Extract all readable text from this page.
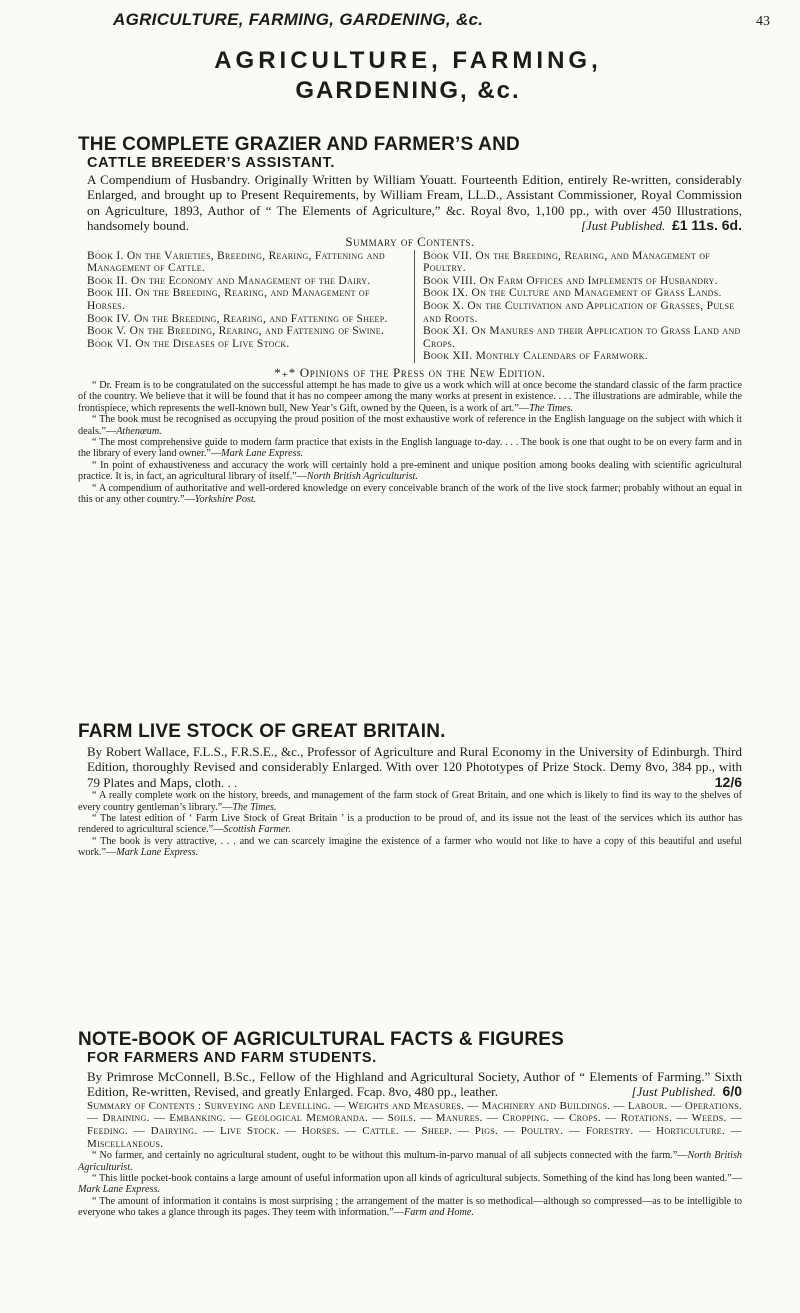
AGRICULTURE, FARMING, GARDENING, &c.	43
AGRICULTURE, FARMING,
GARDENING, &c.
THE COMPLETE GRAZIER AND FARMER’S AND
CATTLE BREEDER’S ASSISTANT.
A Compendium of Husbandry. Originally Written by William Youatt. Fourteenth Edition, entirely Re-written, considerably Enlarged, and brought up to Present Requirements, by William Fream, LL.D., Assistant Commissioner, Royal Commission on Agriculture, 1893, Author of “ The Elements of Agriculture,” &c. Royal 8vo, 1,100 pp., with over 450 Illustrations, handsomely bound.	[Just Published. £1 11s. 6d.
Summary of Contents.

Book I. On the Varieties, Breeding, Rearing, Fattening and Management of Cattle.

Book II. On the Economy and Management of the Dairy.

Book III. On the Breeding, Rearing, and Management of Horses.

Book IV. On the Breeding, Rearing, and Fattening of Sheep.

Book V. On the Breeding, Rearing, and Fattening of Swine.

Book VI. On the Diseases of Live Stock.

Book VII. On the Breeding, Rearing, and Management of Poultry.

Book VIII. On Farm Offices and Implements of Husbandry.

Book IX. On the Culture and Management of Grass Lands.

Book X. On the Cultivation and Application of Grasses, Pulse and Roots.

Book XI. On Manures and their Application to Grass Land and Crops.

Book XII. Monthly Calendars of Farmwork.

*₊* Opinions of the Press on the New Edition.

“ Dr. Fream is to be congratulated on the successful attempt he has made to give us a work which will at once become the standard classic of the farm practice of the country. We believe that it will be found that it has no compeer among the many works at present in existence. . . . The illustrations are admirable, while the frontispiece, which represents the well-known bull, New Year’s Gift, owned by the Queen, is a work of art.”—The Times.

“ The book must be recognised as occupying the proud position of the most exhaustive work of reference in the English language on the subject with which it deals.”—Athenæum.

“ The most comprehensive guide to modern farm practice that exists in the English language to-day. . . . The book is one that ought to be on every farm and in the library of every land owner.”—Mark Lane Express.

“ In point of exhaustiveness and accuracy the work will certainly hold a pre-eminent and unique position among books dealing with scientific agricultural practice. It is, in fact, an agricultural library of itself.”—North British Agriculturist.

“ A compendium of authoritative and well-ordered knowledge on every conceivable branch of the work of the live stock farmer; probably without an equal in this or any other country.”—Yorkshire Post.

FARM LIVE STOCK OF GREAT BRITAIN.
By Robert Wallace, F.L.S., F.R.S.E., &c., Professor of Agriculture and Rural Economy in the University of Edinburgh. Third Edition, thoroughly Revised and considerably Enlarged. With over 120 Phototypes of Prize Stock. Demy 8vo, 384 pp., with 79 Plates and Maps, cloth. . .	12/6

“ A really complete work on the history, breeds, and management of the farm stock of Great Britain, and one which is likely to find its way to the shelves of every country gentleman’s library.”—The Times.

“ The latest edition of ‘ Farm Live Stock of Great Britain ’ is a production to be proud of, and its issue not the least of the services which its author has rendered to agricultural science.”—Scottish Farmer.

“ The book is very attractive, . . . and we can scarcely imagine the existence of a farmer who would not like to have a copy of this beautiful and useful work.”—Mark Lane Express.

NOTE-BOOK OF AGRICULTURAL FACTS & FIGURES
FOR FARMERS AND FARM STUDENTS.
By Primrose McConnell, B.Sc., Fellow of the Highland and Agricultural Society, Author of “ Elements of Farming.” Sixth Edition, Re-written, Revised, and greatly Enlarged. Fcap. 8vo, 480 pp., leather.	[Just Published. 6/0
Summary of Contents : Surveying and Levelling. — Weights and Measures. — Machinery and Buildings. — Labour. — Operations. — Draining. — Embanking. — Geological Memoranda. — Soils. — Manures. — Cropping. — Crops. — Rotations. — Weeds. — Feeding. — Dairying. — Live Stock. — Horses. — Cattle. — Sheep. — Pigs. — Poultry. — Forestry. — Horticulture. — Miscellaneous.

“ No farmer, and certainly no agricultural student, ought to be without this multum-in-parvo manual of all subjects connected with the farm.”—North British Agriculturist.

“ This little pocket-book contains a large amount of useful information upon all kinds of agricultural subjects. Something of the kind has long been wanted.”—Mark Lane Express.

“ The amount of information it contains is most surprising ; the arrangement of the matter is so methodical—although so compressed—as to be intelligible to everyone who takes a glance through its pages. They teem with information.”—Farm and Home.
